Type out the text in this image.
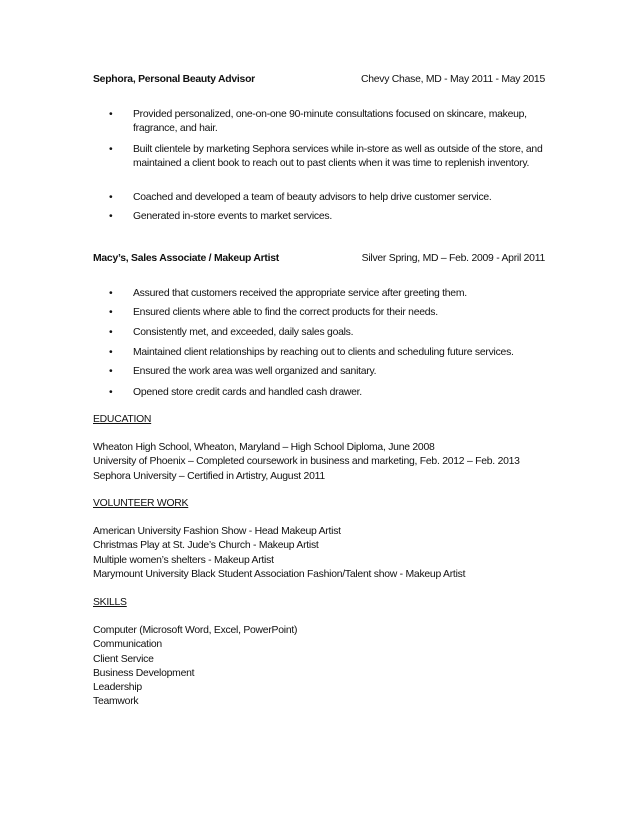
Sephora, Personal Beauty Advisor	Chevy Chase, MD - May 2011 - May 2015
• Provided personalized, one-on-one 90-minute consultations focused on skincare, makeup, fragrance, and hair.
• Built clientele by marketing Sephora services while in-store as well as outside of the store, and maintained a client book to reach out to past clients when it was time to replenish inventory.
• Coached and developed a team of beauty advisors to help drive customer service.
• Generated in-store events to market services.
Macy’s, Sales Associate / Makeup Artist	Silver Spring, MD – Feb. 2009 - April 2011
• Assured that customers received the appropriate service after greeting them.
• Ensured clients where able to find the correct products for their needs.
• Consistently met, and exceeded, daily sales goals.
• Maintained client relationships by reaching out to clients and scheduling future services.
• Ensured the work area was well organized and sanitary.
• Opened store credit cards and handled cash drawer.
EDUCATION
Wheaton High School, Wheaton, Maryland – High School Diploma, June 2008
University of Phoenix – Completed coursework in business and marketing, Feb. 2012 – Feb. 2013
Sephora University – Certified in Artistry, August 2011
VOLUNTEER WORK
American University Fashion Show - Head Makeup Artist
Christmas Play at St. Jude’s Church - Makeup Artist
Multiple women’s shelters - Makeup Artist
Marymount University Black Student Association Fashion/Talent show - Makeup Artist
SKILLS
Computer (Microsoft Word, Excel, PowerPoint)
Communication
Client Service
Business Development
Leadership
Teamwork
